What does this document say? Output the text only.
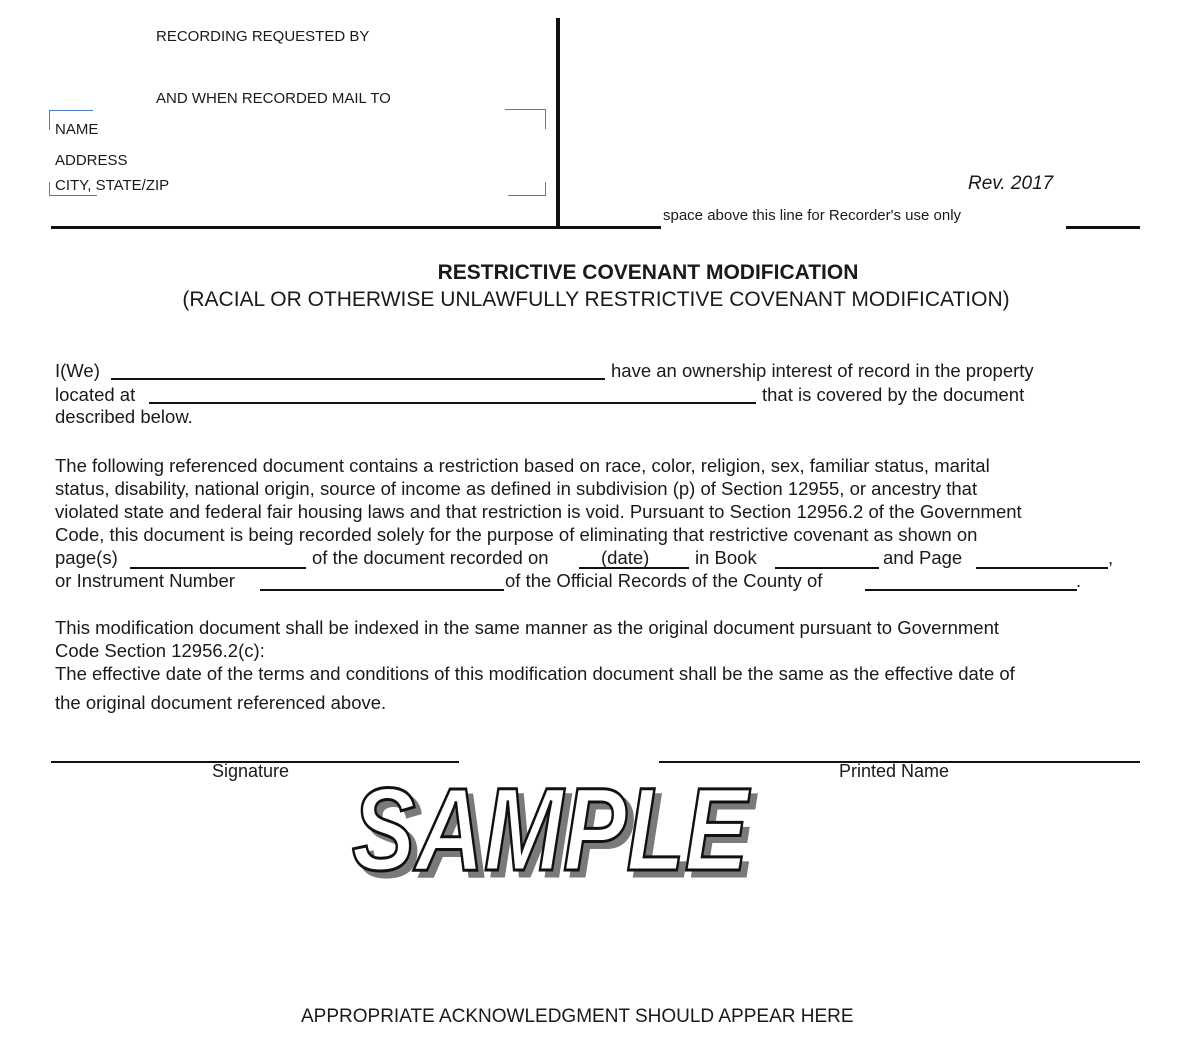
RECORDING REQUESTED BY
AND WHEN RECORDED MAIL TO
NAME
ADDRESS
CITY, STATE/ZIP	Rev. 2017
space above this line for Recorder's use only
RESTRICTIVE COVENANT MODIFICATION
(RACIAL OR OTHERWISE UNLAWFULLY RESTRICTIVE COVENANT MODIFICATION)
I(We)	have an ownership interest of record in the property
located at	that is covered by the document
described below.
The following referenced document contains a restriction based on race, color, religion, sex, familiar status, marital
status, disability, national origin, source of income as defined in subdivision (p) of Section 12955, or ancestry that
violated state and federal fair housing laws and that restriction is void. Pursuant to Section 12956.2 of the Government
Code, this document is being recorded solely for the purpose of eliminating that restrictive covenant as shown on
page(s)	of the document recorded on	(date) in Book	and Page	,
or Instrument Number	of the Official Records of the County of	.
This modification document shall be indexed in the same manner as the original document pursuant to Government
Code Section 12956.2(c):
The effective date of the terms and conditions of this modification document shall be the same as the effective date of
the original document referenced above.
Signature	Printed Name
SAMPLE
SAMPLE
APPROPRIATE ACKNOWLEDGMENT SHOULD APPEAR HERE
